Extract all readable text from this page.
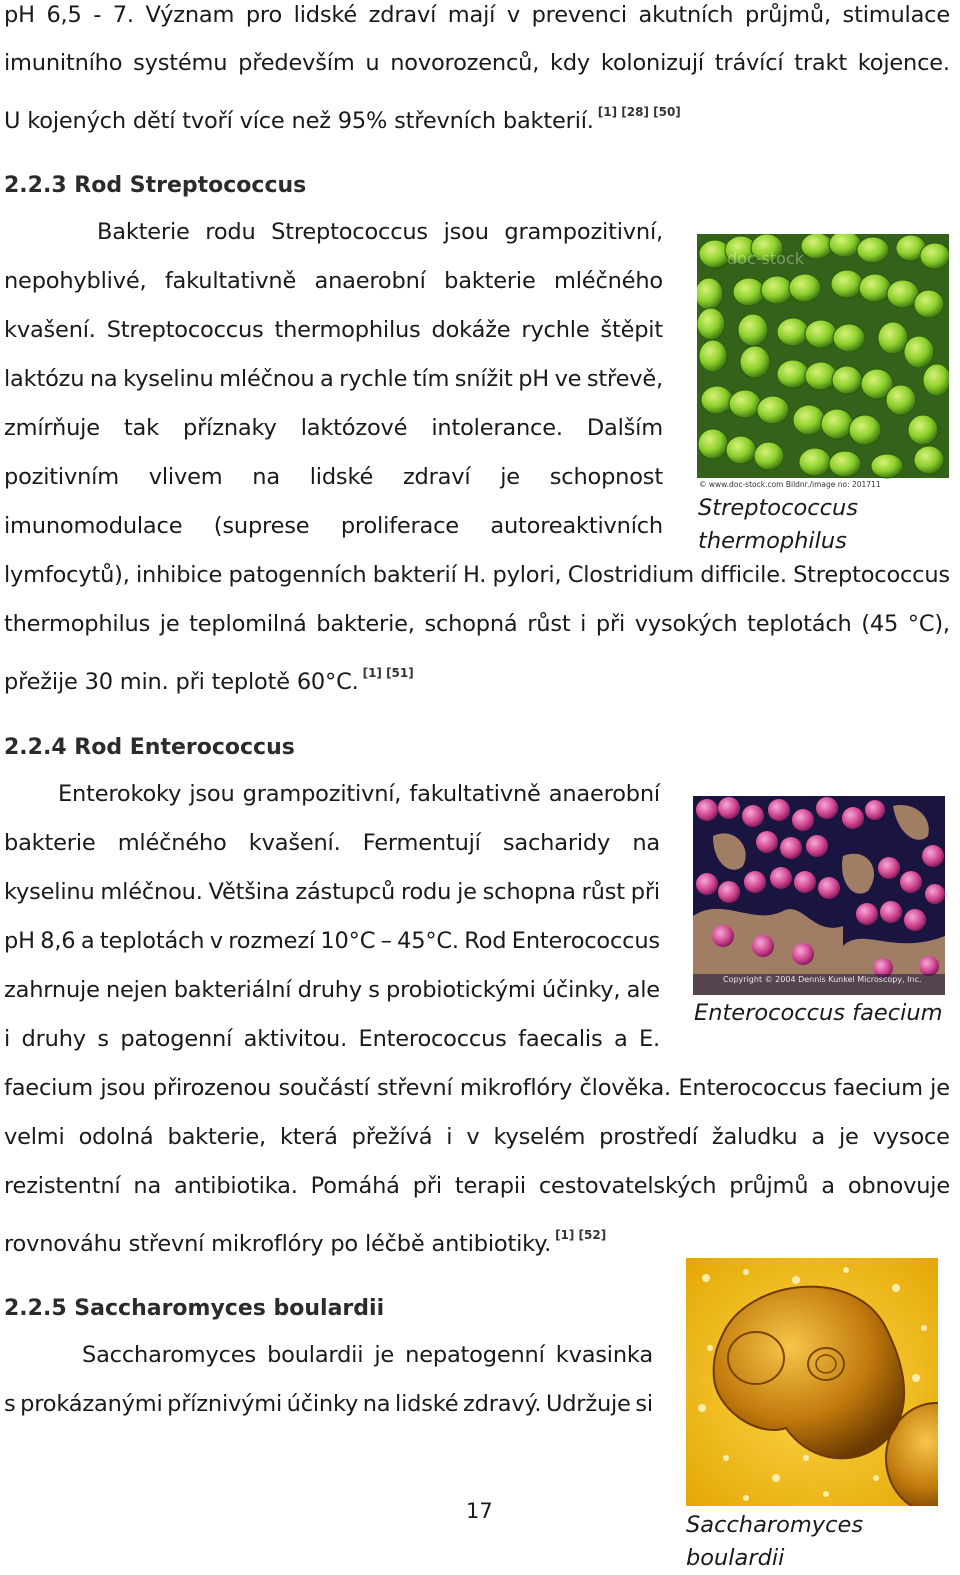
pH 6,5 - 7. Význam pro lidské zdraví mají v prevenci akutních průjmů, stimulace

imunitního systému především u novorozenců, kdy kolonizují trávící trakt kojence.

U kojených dětí tvoří více než 95% střevních bakterií. [1] [28] [50]

2.2.3 Rod Streptococcus

Bakterie rodu Streptococcus jsou grampozitivní,

nepohyblivé, fakultativně anaerobní bakterie mléčného

kvašení. Streptococcus thermophilus dokáže rychle štěpit

laktózu na kyselinu mléčnou a rychle tím snížit pH ve střevě,

zmírňuje tak příznaky laktózové intolerance. Dalším

pozitivním vlivem na lidské zdraví je schopnost

imunomodulace (suprese proliferace autoreaktivních

lymfocytů), inhibice patogenních bakterií H. pylori, Clostridium difficile. Streptococcus

thermophilus je teplomilná bakterie, schopná růst i při vysokých teplotách (45 °C),

přežije 30 min. při teplotě 60°C. [1] [51]

doc-stock
© www.doc-stock.com Bildnr./image no: 201711
Streptococcus
thermophilus
2.2.4 Rod Enterococcus

Enterokoky jsou grampozitivní, fakultativně anaerobní

bakterie mléčného kvašení. Fermentují sacharidy na

kyselinu mléčnou. Většina zástupců rodu je schopna růst při

pH 8,6 a teplotách v rozmezí 10°C – 45°C. Rod Enterococcus

zahrnuje nejen bakteriální druhy s probiotickými účinky, ale

i druhy s patogenní aktivitou. Enterococcus faecalis a E.

faecium jsou přirozenou součástí střevní mikroflóry člověka. Enterococcus faecium je

velmi odolná bakterie, která přežívá i v kyselém prostředí žaludku a je vysoce

rezistentní na antibiotika. Pomáhá při terapii cestovatelských průjmů a obnovuje

rovnováhu střevní mikroflóry po léčbě antibiotiky. [1] [52]

Copyright © 2004 Dennis Kunkel Microscopy, Inc.
Enterococcus faecium
2.2.5 Saccharomyces boulardii

Saccharomyces boulardii je nepatogenní kvasinka

s prokázanými příznivými účinky na lidské zdravý. Udržuje si

Saccharomyces
boulardii
17
